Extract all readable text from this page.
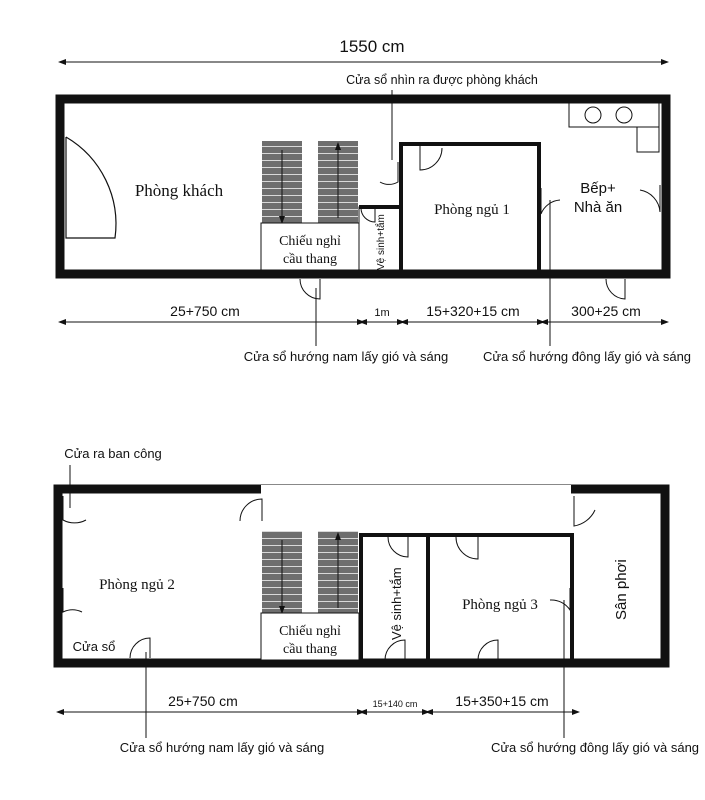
1550 cm
Phòng khách
Chiếu nghỉ
cầu thang	Vệ sinh+tắm
Phòng ngủ 1
Cửa sổ nhìn ra được phòng khách
Bếp+
Nhà ăn
25+750 cm	1m	15+320+15 cm	300+25 cm
Cửa sổ hướng nam lấy gió và sáng	Cửa sổ hướng đông lấy gió và sáng
Cửa ra ban công
Phòng ngủ 2
Cửa sổ
Chiếu nghỉ
cầu thang
Vệ sinh+tắm	Phòng ngủ 3	Sân phơi
25+750 cm	15+140 cm	15+350+15 cm
Cửa sổ hướng nam lấy gió và sáng	Cửa sổ hướng đông lấy gió và sáng
